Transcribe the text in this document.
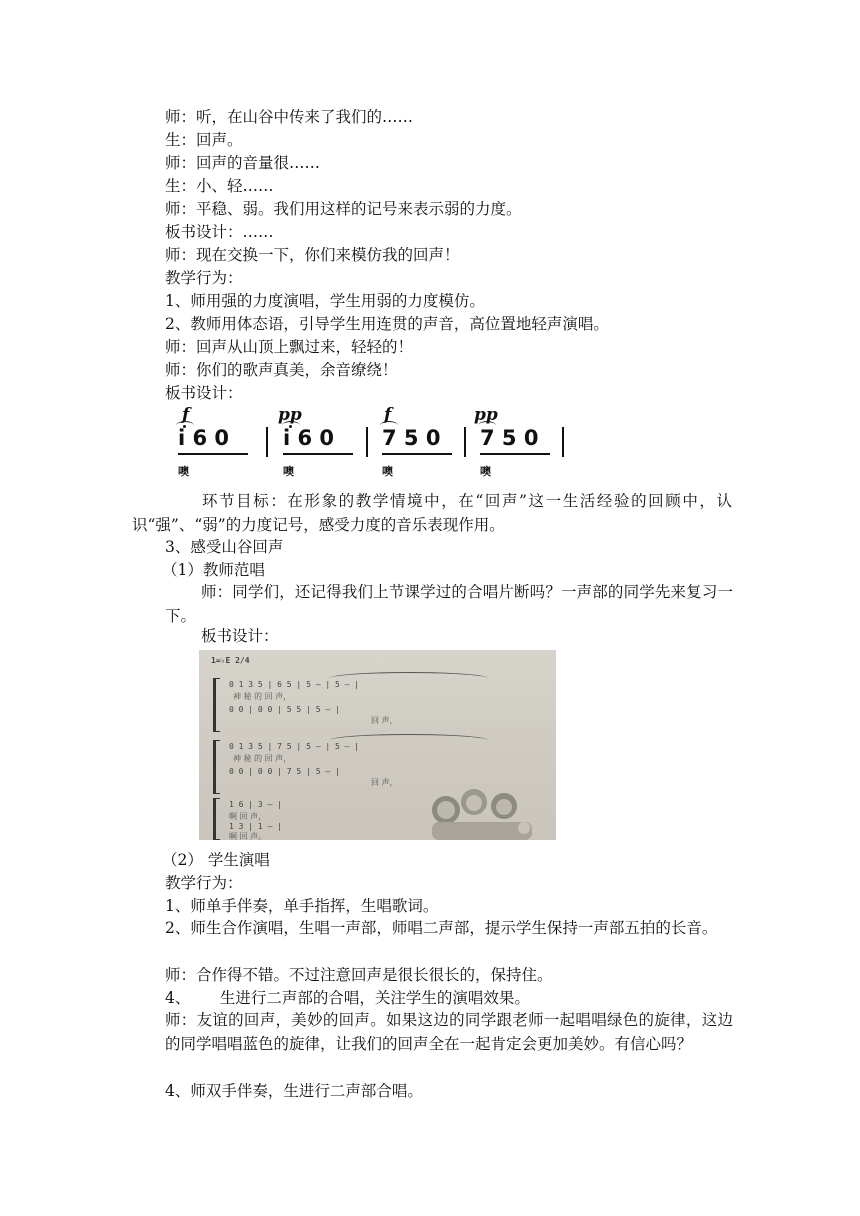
师：听，在山谷中传来了我们的……
生：回声。
师：回声的音量很……
生：小、轻……
师：平稳、弱。我们用这样的记号来表示弱的力度。
板书设计：……
师：现在交换一下，你们来模仿我的回声！
教学行为：
1、师用强的力度演唱，学生用弱的力度模仿。
2、教师用体态语，引导学生用连贯的声音，高位置地轻声演唱。
师：回声从山顶上飘过来，轻轻的！
师：你们的歌声真美，余音缭绕！
板书设计：
f
i 6 0
噢
pp
i 6 0
噢
f
7 5 0
噢
pp
7 5 0
噢
环节目标：在形象的教学情境中，在“回声”这一生活经验的回顾中，认识“强”、“弱”的力度记号，感受力度的音乐表现作用。
3、感受山谷回声
（1）教师范唱
师：同学们，还记得我们上节课学过的合唱片断吗？一声部的同学先来复习一下。
板书设计：
1=♭E 2/4
0 1 3 5 | 6 5 | 5 — | 5 — |
神 秘 的 回 声，
0 0 | 0 0 | 5 5 | 5 — |
回 声，
0 1 3 5 | 7 5 | 5 — | 5 — |
神 秘 的 回 声，
0 0 | 0 0 | 7 5 | 5 — |
回 声，
1 6 | 3 — |
啊 回 声，
1 3 | 1 — |
啊 回 声。
（2） 学生演唱
教学行为：
1、师单手伴奏，单手指挥，生唱歌词。
2、师生合作演唱，生唱一声部，师唱二声部，提示学生保持一声部五拍的长音。
师：合作得不错。不过注意回声是很长很长的，保持住。
4、      生进行二声部的合唱，关注学生的演唱效果。
师：友谊的回声，美妙的回声。如果这边的同学跟老师一起唱唱绿色的旋律，这边的同学唱唱蓝色的旋律，让我们的回声全在一起肯定会更加美妙。有信心吗？
4、师双手伴奏，生进行二声部合唱。
